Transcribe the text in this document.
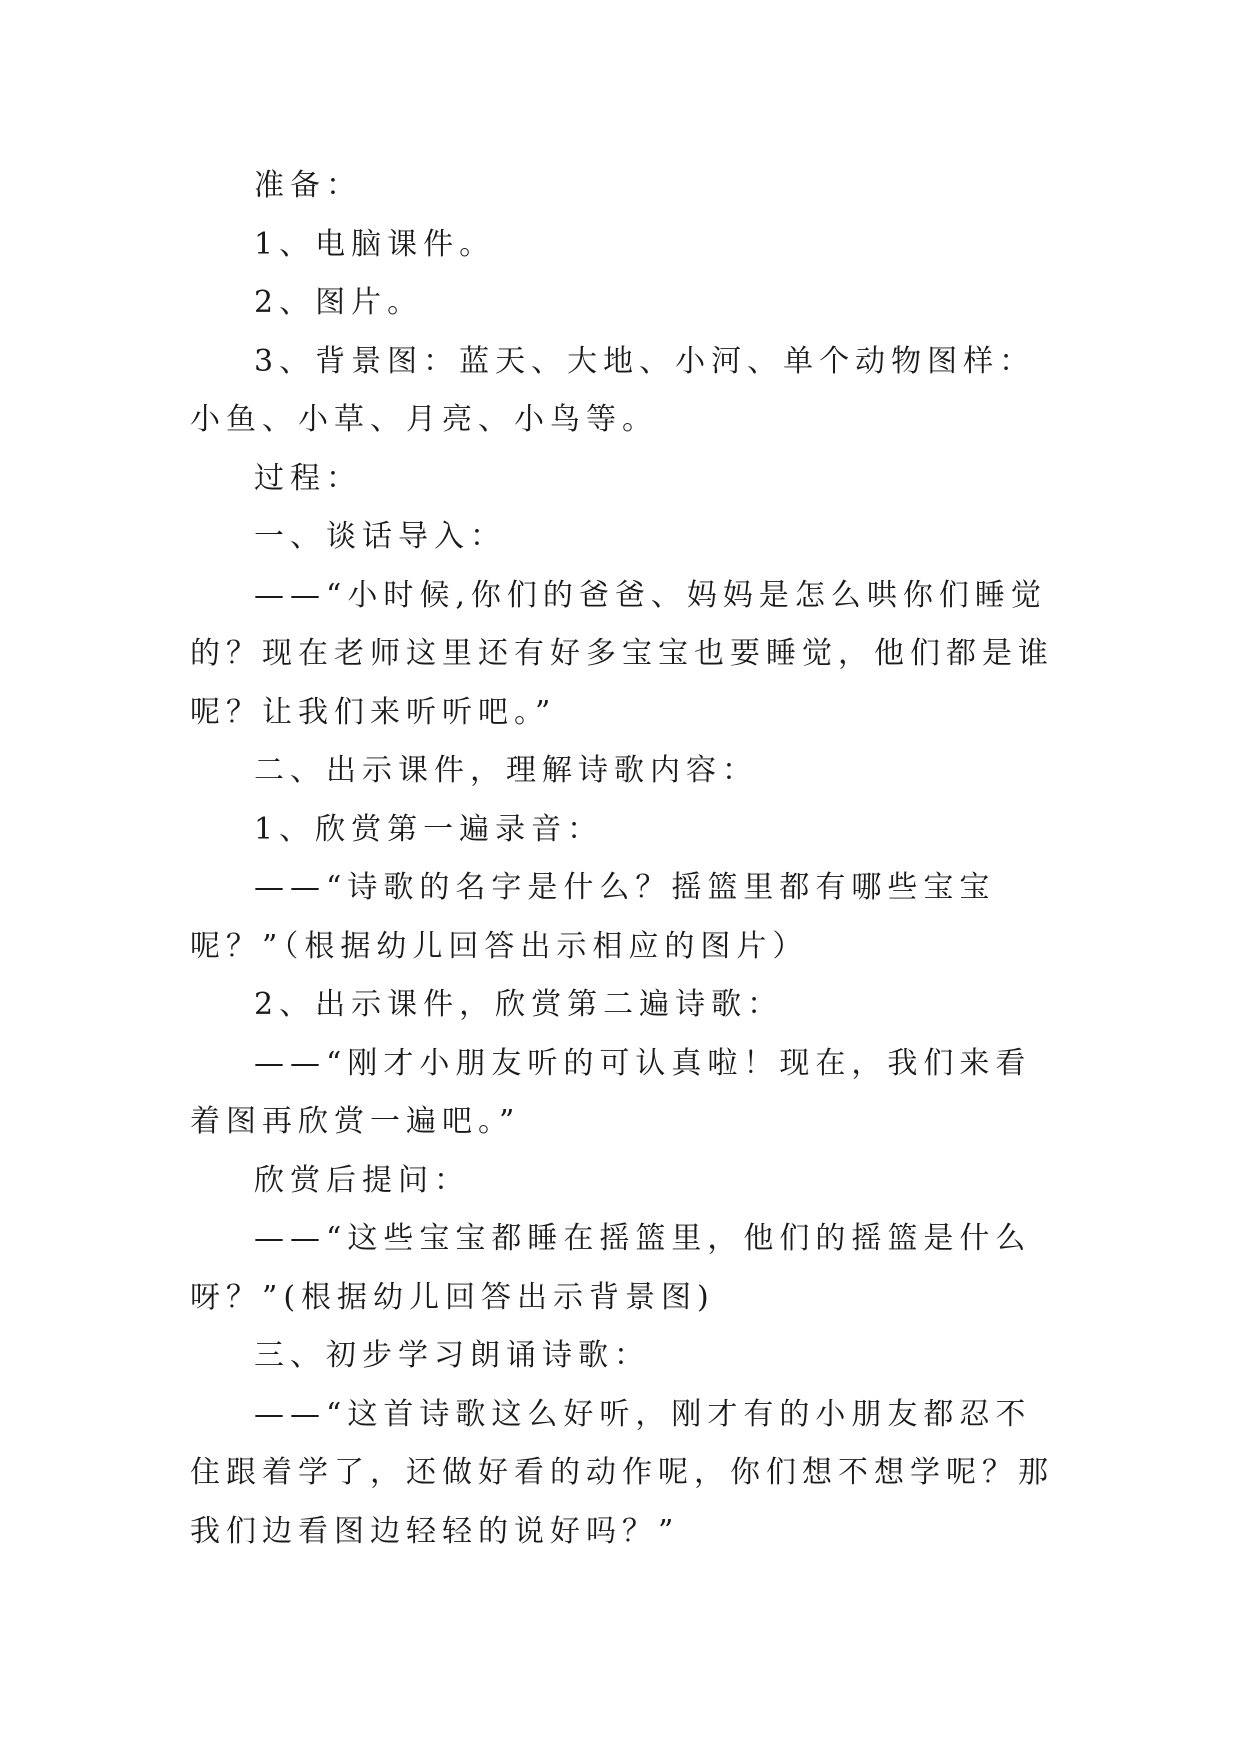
准备：

1、电脑课件。

2、图片。

3、背景图：蓝天、大地、小河、单个动物图样：小鱼、小草、月亮、小鸟等。

过程：

一、谈话导入：

——“小时候,你们的爸爸、妈妈是怎么哄你们睡觉的？现在老师这里还有好多宝宝也要睡觉，他们都是谁呢？让我们来听听吧。”

二、出示课件，理解诗歌内容：

1、欣赏第一遍录音：

——“诗歌的名字是什么？摇篮里都有哪些宝宝呢？”（根据幼儿回答出示相应的图片）

2、出示课件，欣赏第二遍诗歌：

——“刚才小朋友听的可认真啦！现在，我们来看着图再欣赏一遍吧。”

欣赏后提问：

——“这些宝宝都睡在摇篮里，他们的摇篮是什么呀？”(根据幼儿回答出示背景图)

三、初步学习朗诵诗歌：

——“这首诗歌这么好听，刚才有的小朋友都忍不住跟着学了，还做好看的动作呢，你们想不想学呢？那我们边看图边轻轻的说好吗？”
